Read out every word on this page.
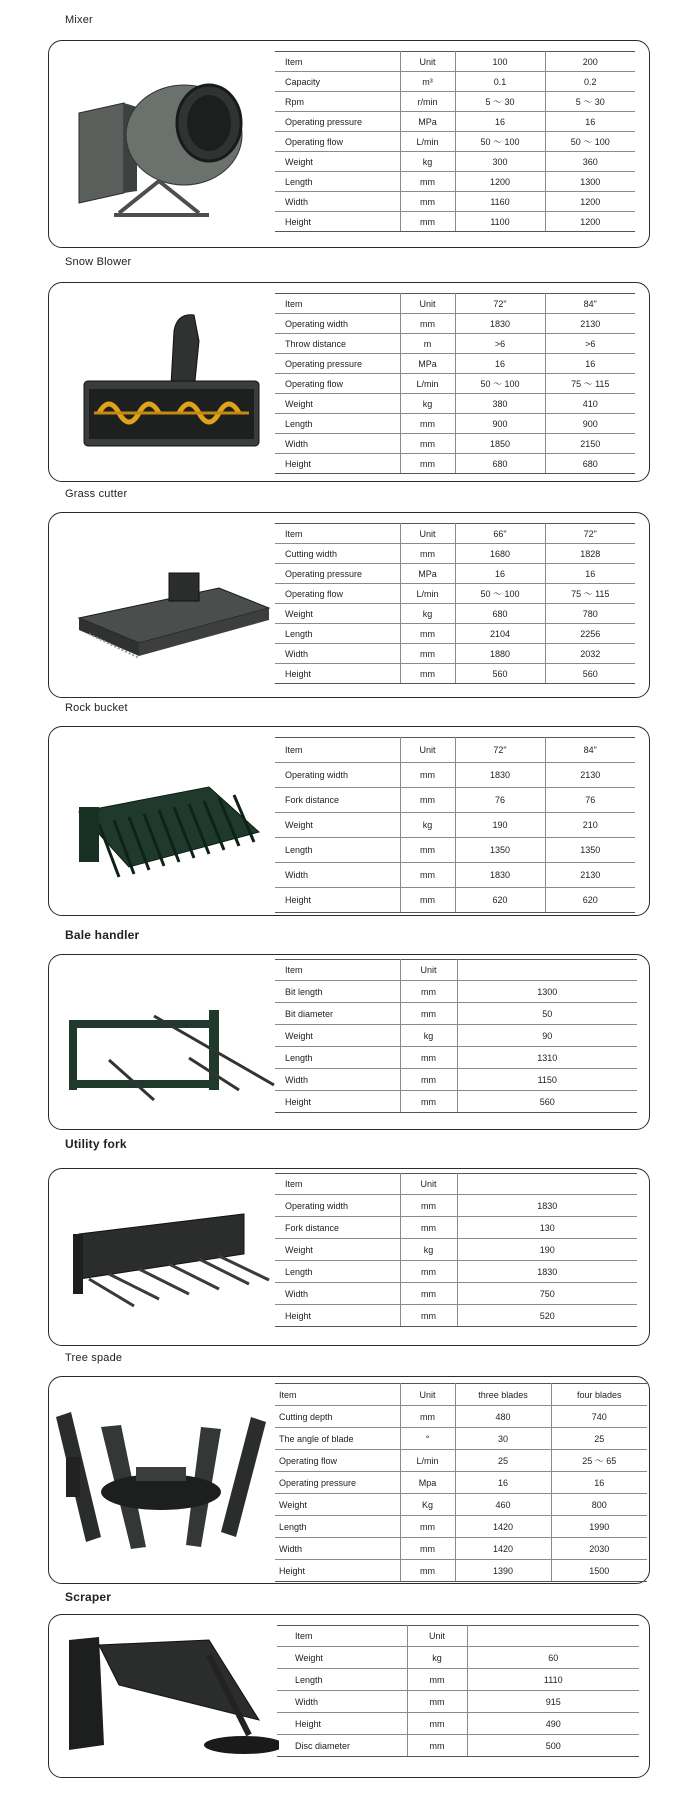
Mixer
Item	Unit	100	200
Capacity	m³	0.1	0.2
Rpm	r/min	5 ～ 30	5 ～ 30
Operating pressure	MPa	16	16
Operating flow	L/min	50 ～ 100	50 ～ 100
Weight	kg	300	360
Length	mm	1200	1300
Width	mm	1160	1200
Height	mm	1100	1200
Snow Blower
Item	Unit	72"	84"
Operating width	mm	1830	2130
Throw distance	m	>6	>6
Operating pressure	MPa	16	16
Operating flow	L/min	50 ～ 100	75 ～ 115
Weight	kg	380	410
Length	mm	900	900
Width	mm	1850	2150
Height	mm	680	680
Grass cutter
Item	Unit	66"	72"
Cutting width	mm	1680	1828
Operating pressure	MPa	16	16
Operating flow	L/min	50 ～ 100	75 ～ 115
Weight	kg	680	780
Length	mm	2104	2256
Width	mm	1880	2032
Height	mm	560	560
Rock bucket
Item	Unit	72"	84"
Operating width	mm	1830	2130
Fork distance	mm	76	76
Weight	kg	190	210
Length	mm	1350	1350
Width	mm	1830	2130
Height	mm	620	620
Bale handler
Item	Unit	
Bit length	mm	1300
Bit diameter	mm	50
Weight	kg	90
Length	mm	1310
Width	mm	1150
Height	mm	560
Utility fork
Item	Unit	
Operating width	mm	1830
Fork distance	mm	130
Weight	kg	190
Length	mm	1830
Width	mm	750
Height	mm	520
Tree spade
Item	Unit	three blades	four blades
Cutting depth	mm	480	740
The angle of blade	°	30	25
Operating flow	L/min	25	25 ～ 65
Operating pressure	Mpa	16	16
Weight	Kg	460	800
Length	mm	1420	1990
Width	mm	1420	2030
Height	mm	1390	1500
Scraper
Item	Unit	
Weight	kg	60
Length	mm	1110
Width	mm	915
Height	mm	490
Disc diameter	mm	500
